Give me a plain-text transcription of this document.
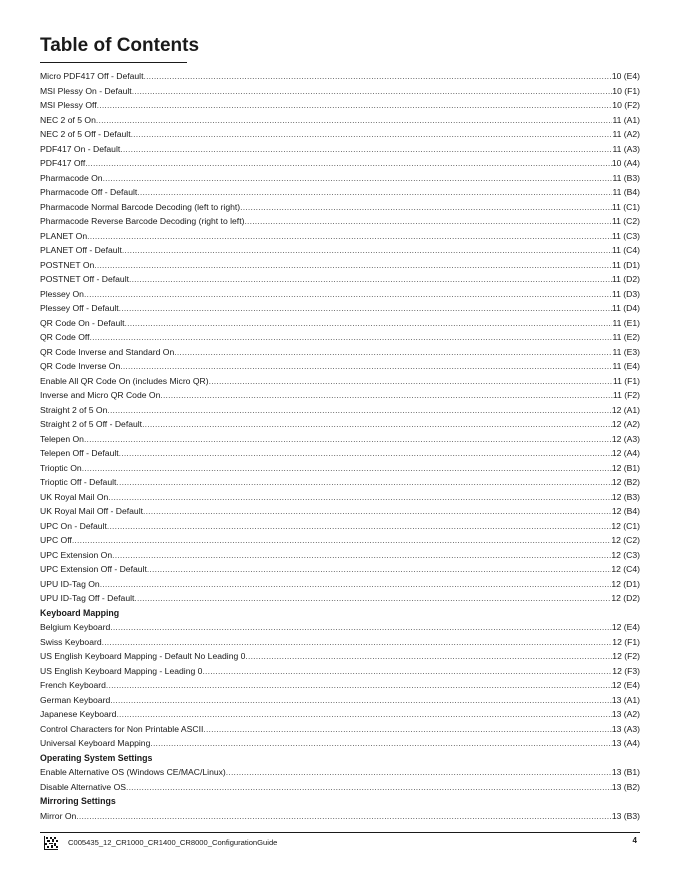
Table of Contents
Micro PDF417 Off - Default .....	10 (E4)
MSI Plessy On - Default .....	10 (F1)
MSI Plessy Off .....	10 (F2)
NEC 2 of 5 On .....	11 (A1)
NEC 2 of 5 Off - Default .....	11 (A2)
PDF417 On - Default .....	11 (A3)
PDF417 Off .....	10 (A4)
Pharmacode On .....	11 (B3)
Pharmacode Off - Default .....	11 (B4)
Pharmacode Normal Barcode Decoding (left to right) .....	11 (C1)
Pharmacode Reverse Barcode Decoding (right to left) .....	11 (C2)
PLANET On .....	11 (C3)
PLANET Off - Default .....	11 (C4)
POSTNET On .....	11 (D1)
POSTNET Off - Default .....	11 (D2)
Plessey On .....	11 (D3)
Plessey Off - Default .....	11 (D4)
QR Code On - Default .....	11 (E1)
QR Code Off .....	11 (E2)
QR Code Inverse and Standard On .....	11 (E3)
QR Code Inverse On .....	11 (E4)
Enable All QR Code On (includes Micro QR) .....	11 (F1)
Inverse and Micro QR Code On .....	11 (F2)
Straight 2 of 5 On .....	12 (A1)
Straight 2 of 5 Off - Default .....	12 (A2)
Telepen On .....	12 (A3)
Telepen Off - Default .....	12 (A4)
Trioptic On .....	12 (B1)
Trioptic Off - Default .....	12 (B2)
UK Royal Mail On .....	12 (B3)
UK Royal Mail Off - Default .....	12 (B4)
UPC On - Default .....	12 (C1)
UPC Off .....	12 (C2)
UPC Extension On .....	12 (C3)
UPC Extension Off - Default .....	12 (C4)
UPU ID-Tag On .....	12 (D1)
UPU ID-Tag Off - Default .....	12 (D2)
Keyboard Mapping
Belgium Keyboard .....	12 (E4)
Swiss Keyboard .....	12 (F1)
US English Keyboard Mapping - Default No Leading 0 .....	12 (F2)
US English Keyboard Mapping - Leading 0 .....	12 (F3)
French Keyboard .....	12 (E4)
German Keyboard .....	13 (A1)
Japanese Keyboard .....	13 (A2)
Control Characters for Non Printable ASCII .....	13 (A3)
Universal Keyboard Mapping .....	13 (A4)
Operating System Settings
Enable Alternative OS (Windows CE/MAC/Linux) .....	13 (B1)
Disable Alternative OS .....	13 (B2)
Mirroring Settings
Mirror On .....	13 (B3)
C005435_12_CR1000_CR1400_CR8000_ConfigurationGuide	4
